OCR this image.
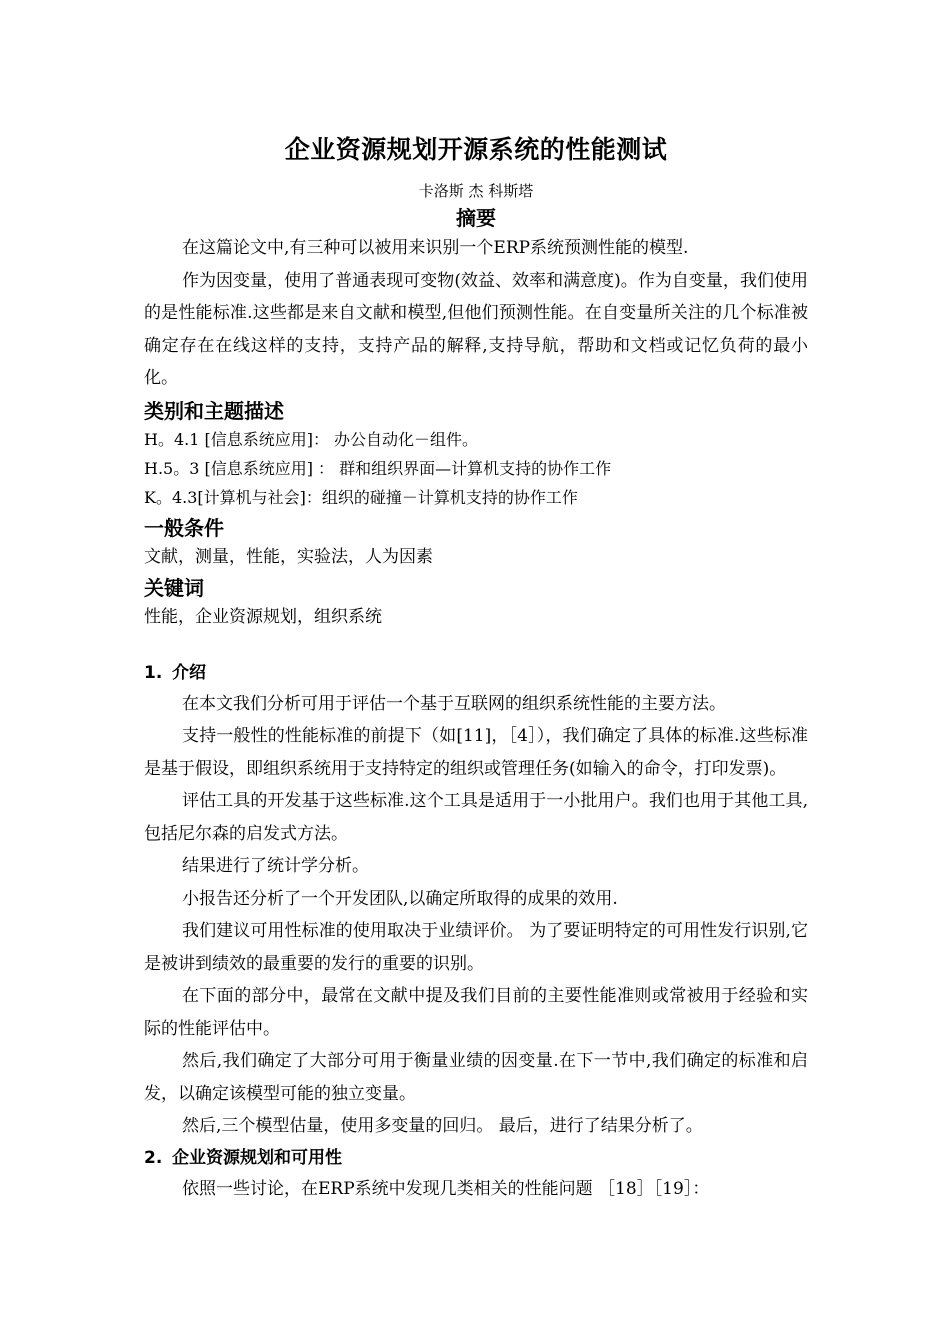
企业资源规划开源系统的性能测试
卡洛斯 杰 科斯塔
摘要

在这篇论文中,有三种可以被用来识别一个ERP系统预测性能的模型.

作为因变量，使用了普通表现可变物(效益、效率和满意度)。作为自变量，我们使用的是性能标准.这些都是来自文献和模型,但他们预测性能。在自变量所关注的几个标准被确定存在在线这样的支持，支持产品的解释,支持导航，帮助和文档或记忆负荷的最小化。

类别和主题描述
H。4.1 [信息系统应用]： 办公自动化－组件。
H.5。3 [信息系统应用] ： 群和组织界面—计算机支持的协作工作
K。4.3[计算机与社会]：组织的碰撞－计算机支持的协作工作
一般条件
文献，测量，性能，实验法，人为因素
关键词
性能，企业资源规划，组织系统
1. 介绍

在本文我们分析可用于评估一个基于互联网的组织系统性能的主要方法。

支持一般性的性能标准的前提下（如[11]，［4］），我们确定了具体的标准.这些标准是基于假设，即组织系统用于支持特定的组织或管理任务(如输入的命令，打印发票)。

评估工具的开发基于这些标准.这个工具是适用于一小批用户。我们也用于其他工具,包括尼尔森的启发式方法。

结果进行了统计学分析。

小报告还分析了一个开发团队,以确定所取得的成果的效用.

我们建议可用性标准的使用取决于业绩评价。 为了要证明特定的可用性发行识别,它是被讲到绩效的最重要的发行的重要的识别。

在下面的部分中，最常在文献中提及我们目前的主要性能准则或常被用于经验和实际的性能评估中。

然后,我们确定了大部分可用于衡量业绩的因变量.在下一节中,我们确定的标准和启发，以确定该模型可能的独立变量。

然后,三个模型估量，使用多变量的回归。 最后，进行了结果分析了。

2. 企业资源规划和可用性

依照一些讨论，在ERP系统中发现几类相关的性能问题 ［18］［19］：
